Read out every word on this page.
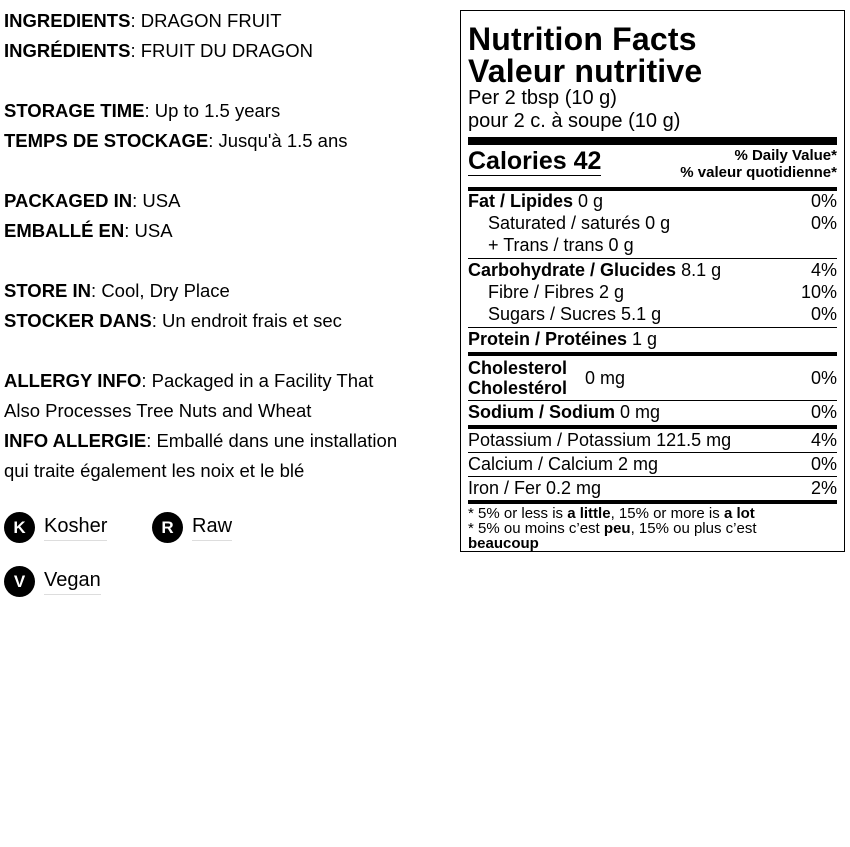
INGREDIENTS: DRAGON FRUIT
INGRÉDIENTS: FRUIT DU DRAGON
STORAGE TIME: Up to 1.5 years
TEMPS DE STOCKAGE: Jusqu'à 1.5 ans
PACKAGED IN: USA
EMBALLÉ EN: USA
STORE IN: Cool, Dry Place
STOCKER DANS: Un endroit frais et sec
ALLERGY INFO: Packaged in a Facility That
Also Processes Tree Nuts and Wheat
INFO ALLERGIE: Emballé dans une installation
qui traite également les noix et le blé
K Kosher	R Raw
V Vegan
Nutrition Facts
Valeur nutritive
Per 2 tbsp (10 g)
pour 2 c. à soupe (10 g)
Calories 42	% Daily Value*
% valeur quotidienne*
Fat / Lipides 0 g	0%
Saturated / saturés 0 g	0%
+ Trans / trans 0 g
Carbohydrate / Glucides 8.1 g	4%
Fibre / Fibres 2 g	10%
Sugars / Sucres 5.1 g	0%
Protein / Protéines 1 g
Cholesterol
Cholestérol
0 mg	0%
Sodium / Sodium 0 mg	0%
Potassium / Potassium 121.5 mg	4%
Calcium / Calcium 2 mg	0%
Iron / Fer 0.2 mg	2%
* 5% or less is a little, 15% or more is a lot
* 5% ou moins c’est peu, 15% ou plus c’est
beaucoup
